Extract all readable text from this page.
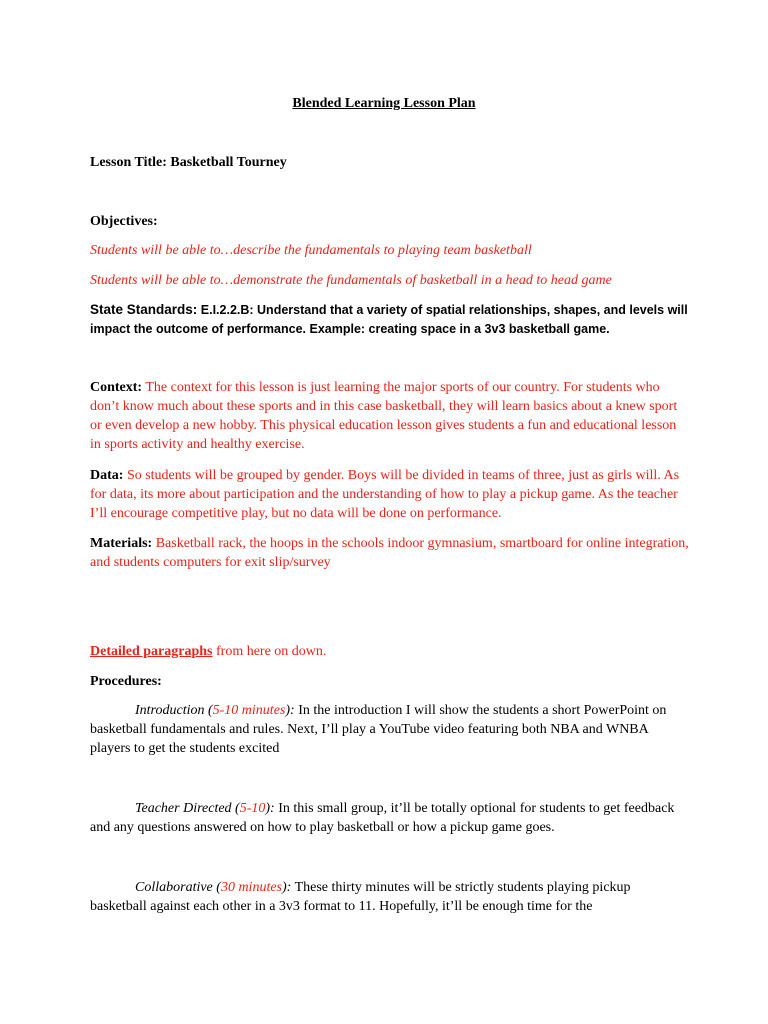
Blended Learning Lesson Plan

Lesson Title: Basketball Tourney

Objectives:

Students will be able to…describe the fundamentals to playing team basketball

Students will be able to…demonstrate the fundamentals of basketball in a head to head game

State Standards: E.I.2.2.B: Understand that a variety of spatial relationships, shapes, and levels will impact the outcome of performance. Example: creating space in a 3v3 basketball game.

Context: The context for this lesson is just learning the major sports of our country. For students who don’t know much about these sports and in this case basketball, they will learn basics about a knew sport or even develop a new hobby. This physical education lesson gives students a fun and educational lesson in sports activity and healthy exercise.

Data: So students will be grouped by gender. Boys will be divided in teams of three, just as girls will. As for data, its more about participation and the understanding of how to play a pickup game. As the teacher I’ll encourage competitive play, but no data will be done on performance.

Materials: Basketball rack, the hoops in the schools indoor gymnasium, smartboard for online integration, and students computers for exit slip/survey

Detailed paragraphs from here on down.

Procedures:

Introduction (5-10 minutes): In the introduction I will show the students a short PowerPoint on basketball fundamentals and rules. Next, I’ll play a YouTube video featuring both NBA and WNBA players to get the students excited

Teacher Directed (5-10): In this small group, it’ll be totally optional for students to get feedback and any questions answered on how to play basketball or how a pickup game goes.

Collaborative (30 minutes): These thirty minutes will be strictly students playing pickup basketball against each other in a 3v3 format to 11. Hopefully, it’ll be enough time for the
